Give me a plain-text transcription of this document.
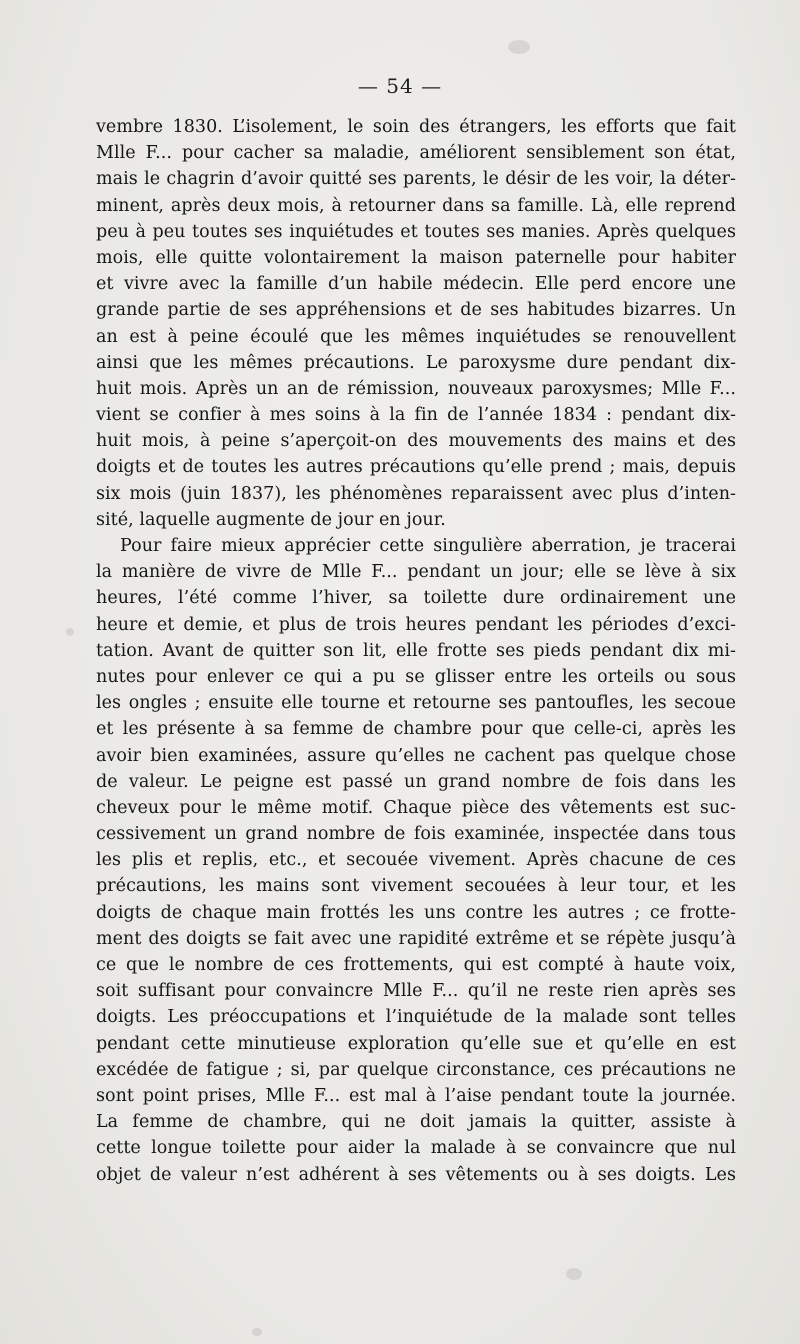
— 54 —

vembre 1830. L’isolement, le soin des étrangers, les efforts que fait
Mlle F... pour cacher sa maladie, améliorent sensiblement son état,
mais le chagrin d’avoir quitté ses parents, le désir de les voir, la déter-
minent, après deux mois, à retourner dans sa famille. Là, elle reprend
peu à peu toutes ses inquiétudes et toutes ses manies. Après quelques
mois, elle quitte volontairement la maison paternelle pour habiter
et vivre avec la famille d’un habile médecin. Elle perd encore une
grande partie de ses appréhensions et de ses habitudes bizarres. Un
an est à peine écoulé que les mêmes inquiétudes se renouvellent
ainsi que les mêmes précautions. Le paroxysme dure pendant dix-
huit mois. Après un an de rémission, nouveaux paroxysmes; Mlle F...
vient se confier à mes soins à la fin de l’année 1834 : pendant dix-
huit mois, à peine s’aperçoit-on des mouvements des mains et des
doigts et de toutes les autres précautions qu’elle prend ; mais, depuis
six mois (juin 1837), les phénomènes reparaissent avec plus d’inten-
sité, laquelle augmente de jour en jour.

Pour faire mieux apprécier cette singulière aberration, je tracerai
la manière de vivre de Mlle F... pendant un jour; elle se lève à six
heures, l’été comme l’hiver, sa toilette dure ordinairement une
heure et demie, et plus de trois heures pendant les périodes d’exci-
tation. Avant de quitter son lit, elle frotte ses pieds pendant dix mi-
nutes pour enlever ce qui a pu se glisser entre les orteils ou sous
les ongles ; ensuite elle tourne et retourne ses pantoufles, les secoue
et les présente à sa femme de chambre pour que celle-ci, après les
avoir bien examinées, assure qu’elles ne cachent pas quelque chose
de valeur. Le peigne est passé un grand nombre de fois dans les
cheveux pour le même motif. Chaque pièce des vêtements est suc-
cessivement un grand nombre de fois examinée, inspectée dans tous
les plis et replis, etc., et secouée vivement. Après chacune de ces
précautions, les mains sont vivement secouées à leur tour, et les
doigts de chaque main frottés les uns contre les autres ; ce frotte-
ment des doigts se fait avec une rapidité extrême et se répète jusqu’à
ce que le nombre de ces frottements, qui est compté à haute voix,
soit suffisant pour convaincre Mlle F... qu’il ne reste rien après ses
doigts. Les préoccupations et l’inquiétude de la malade sont telles
pendant cette minutieuse exploration qu’elle sue et qu’elle en est
excédée de fatigue ; si, par quelque circonstance, ces précautions ne
sont point prises, Mlle F... est mal à l’aise pendant toute la journée.
La femme de chambre, qui ne doit jamais la quitter, assiste à
cette longue toilette pour aider la malade à se convaincre que nul
objet de valeur n’est adhérent à ses vêtements ou à ses doigts. Les
